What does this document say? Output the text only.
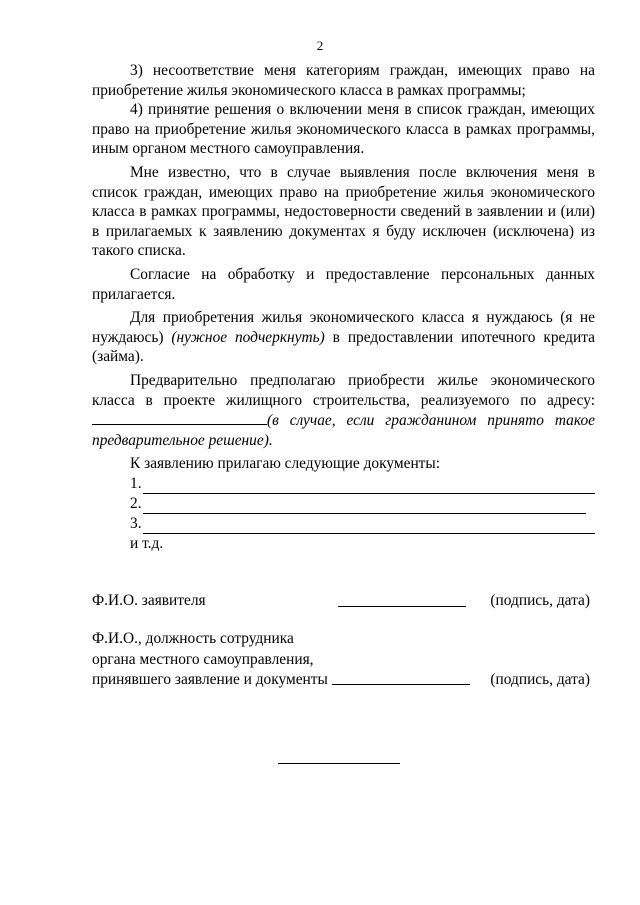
2

3) несоответствие меня категориям граждан, имеющих право на приобретение жилья экономического класса в рамках программы;

4) принятие решения о включении меня в список граждан, имеющих право на приобретение жилья экономического класса в рамках программы, иным органом местного самоуправления.

Мне известно, что в случае выявления после включения меня в список граждан, имеющих право на приобретение жилья экономического класса в рамках программы, недостоверности сведений в заявлении и (или) в прилагаемых к заявлению документах я буду исключен (исключена) из такого списка.

Согласие на обработку и предоставление персональных данных прилагается.

Для приобретения жилья экономического класса я нуждаюсь (я не нуждаюсь) (нужное подчеркнуть) в предоставлении ипотечного кредита (займа).

Предварительно предполагаю приобрести жилье экономического класса в проекте жилищного строительства, реализуемого по адресу: (в случае, если гражданином принято такое предварительное решение).

К заявлению прилагаю следующие документы:

1.
2.
3.
и т.д.
Ф.И.О. заявителя	(подпись, дата)
Ф.И.О., должность сотрудника
органа местного самоуправления,
принявшего заявление и документы	(подпись, дата)
